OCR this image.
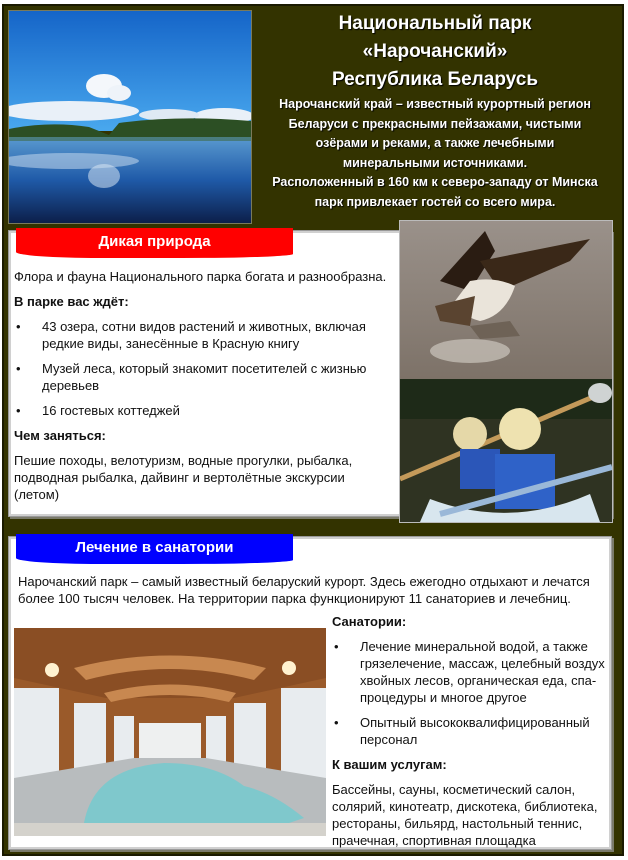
Национальный парк
«Нарочанский»
Республика Беларусь
Нарочанский край – известный курортный регион
Беларуси с прекрасными пейзажами, чистыми
озёрами и реками, а также лечебными
минеральными источниками.
Расположенный в 160 км к северо-западу от Минска
парк привлекает гостей со всего мира.
Дикая природа

Флора и фауна Национального парка богата и разнообразна.

В парке вас ждёт:

• 43 озера, сотни видов растений и животных, включая редкие виды, занесённые в Красную книгу
• Музей леса, который знакомит посетителей с жизнью деревьев
• 16 гостевых коттеджей

Чем заняться:

Пешие походы, велотуризм, водные прогулки, рыбалка, подводная рыбалка, дайвинг и вертолётные экскурсии (летом)

Лечение в санатории
Нарочанский парк – самый известный беларуский курорт. Здесь ежегодно отдыхают и лечатся более 100 тысяч человек. На территории парка функционируют 11 санаториев и лечебниц.

Санатории:

• Лечение минеральной водой, а также грязелечение, массаж, целебный воздух хвойных лесов, органическая еда, спа-процедуры и многое другое
• Опытный высококвалифицированный персонал

К вашим услугам:

Бассейны, сауны, косметический салон, солярий, кинотеатр, дискотека, библиотека, рестораны, бильярд, настольный теннис, прачечная, спортивная площадка
